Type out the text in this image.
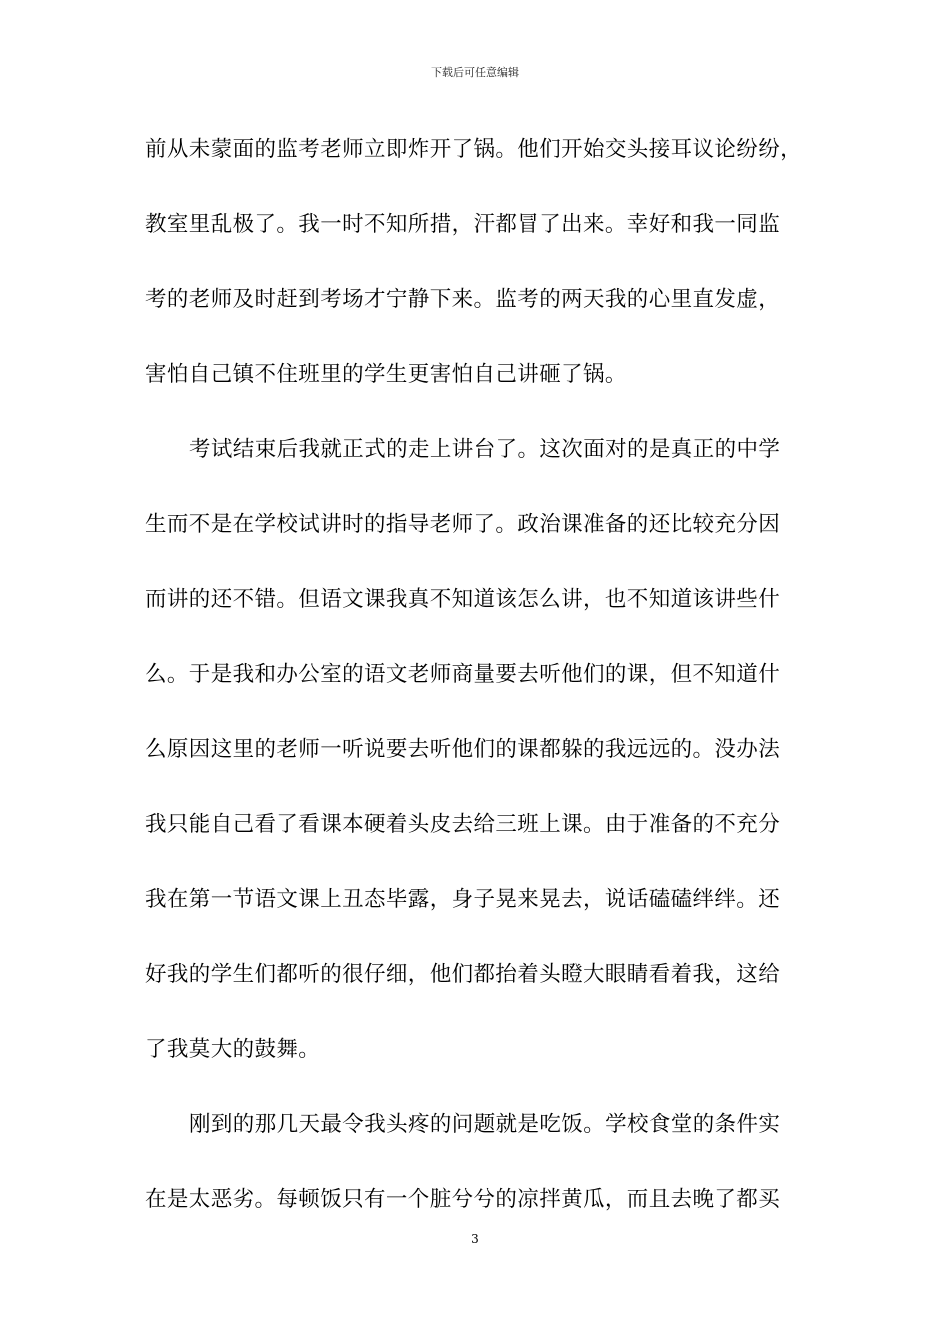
下载后可任意编辑
前从未蒙面的监考老师立即炸开了锅。他们开始交头接耳议论纷纷，
教室里乱极了。我一时不知所措，汗都冒了出来。幸好和我一同监
考的老师及时赶到考场才宁静下来。监考的两天我的心里直发虚，
害怕自己镇不住班里的学生更害怕自己讲砸了锅。
考试结束后我就正式的走上讲台了。这次面对的是真正的中学
生而不是在学校试讲时的指导老师了。政治课准备的还比较充分因
而讲的还不错。但语文课我真不知道该怎么讲，也不知道该讲些什
么。于是我和办公室的语文老师商量要去听他们的课，但不知道什
么原因这里的老师一听说要去听他们的课都躲的我远远的。没办法
我只能自己看了看课本硬着头皮去给三班上课。由于准备的不充分
我在第一节语文课上丑态毕露，身子晃来晃去，说话磕磕绊绊。还
好我的学生们都听的很仔细，他们都抬着头瞪大眼睛看着我，这给
了我莫大的鼓舞。
刚到的那几天最令我头疼的问题就是吃饭。学校食堂的条件实
在是太恶劣。每顿饭只有一个脏兮兮的凉拌黄瓜，而且去晚了都买
3
